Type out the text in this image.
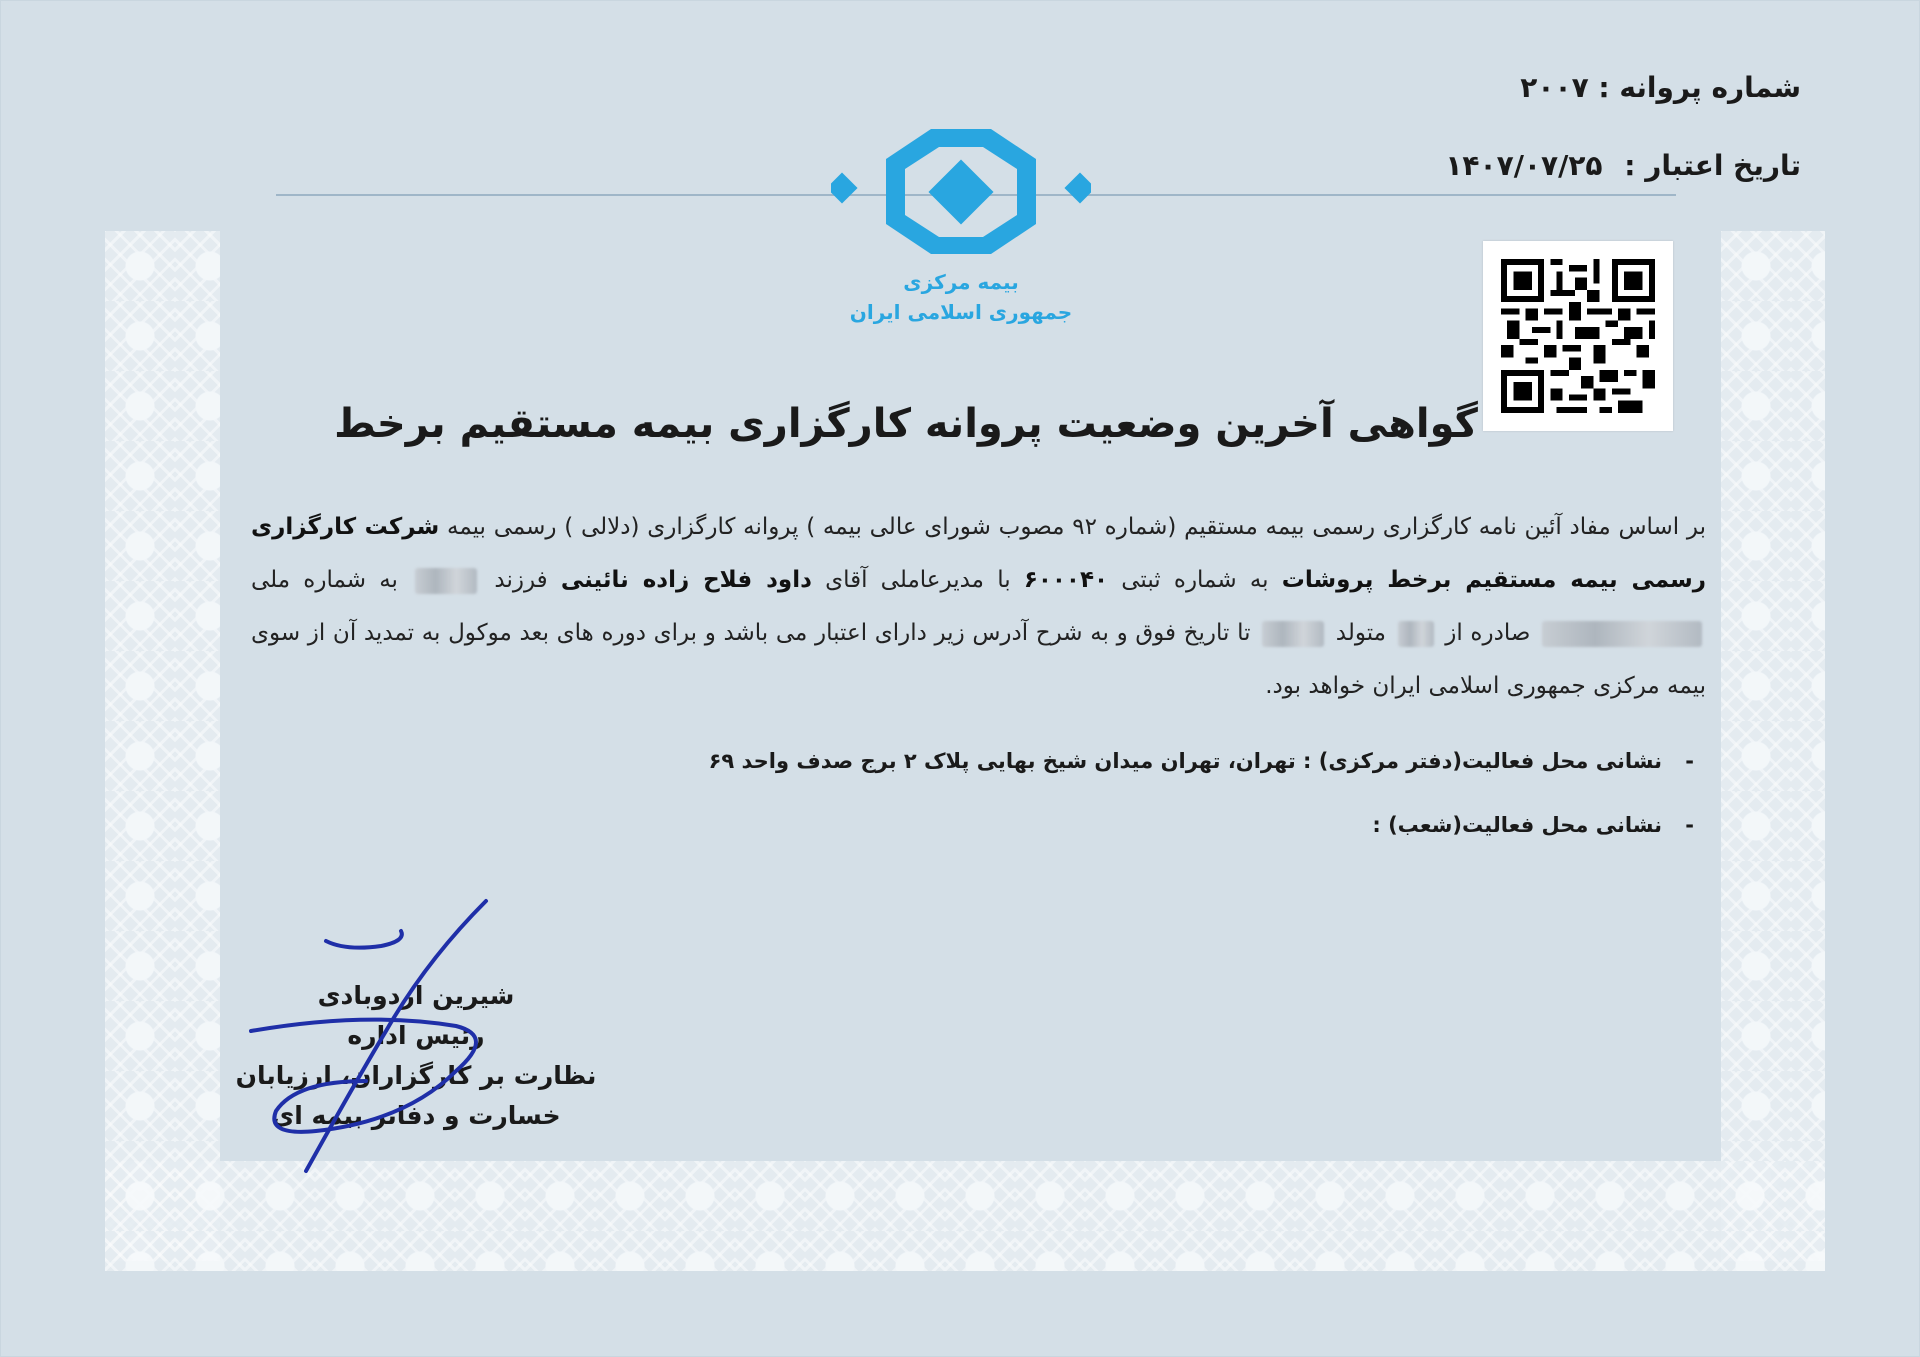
شماره پروانه : ۲۰۰۷
تاریخ اعتبار : ۱۴۰۷/۰۷/۲۵
بیمه مرکزی
جمهوری اسلامی ایران
گواهی آخرین وضعیت پروانه کارگزاری بیمه مستقیم برخط
بر اساس مفاد آئین نامه کارگزاری رسمی بیمه مستقیم (شماره ۹۲ مصوب شورای عالی بیمه ) پروانه کارگزاری (دلالی ) رسمی بیمه شرکت کارگزاری رسمی بیمه مستقیم برخط پروشات به شماره ثبتی ۶۰۰۰۴۰ با مدیرعاملی آقای داود فلاح زاده نائینی فرزند  به شماره ملی  صادره از  متولد  تا تاریخ فوق و به شرح آدرس زیر دارای اعتبار می باشد و برای دوره های بعد موکول به تمدید آن از سوی بیمه مرکزی جمهوری اسلامی ایران خواهد بود.
- نشانی محل فعالیت(دفتر مرکزی) : تهران، تهران میدان شیخ بهایی پلاک ۲ برج صدف واحد ۶۹
- نشانی محل فعالیت(شعب) :
شیرین اردوبادی
رئیس اداره
نظارت بر کارگزاران، ارزیابان
خسارت و دفاتر بیمه ای
